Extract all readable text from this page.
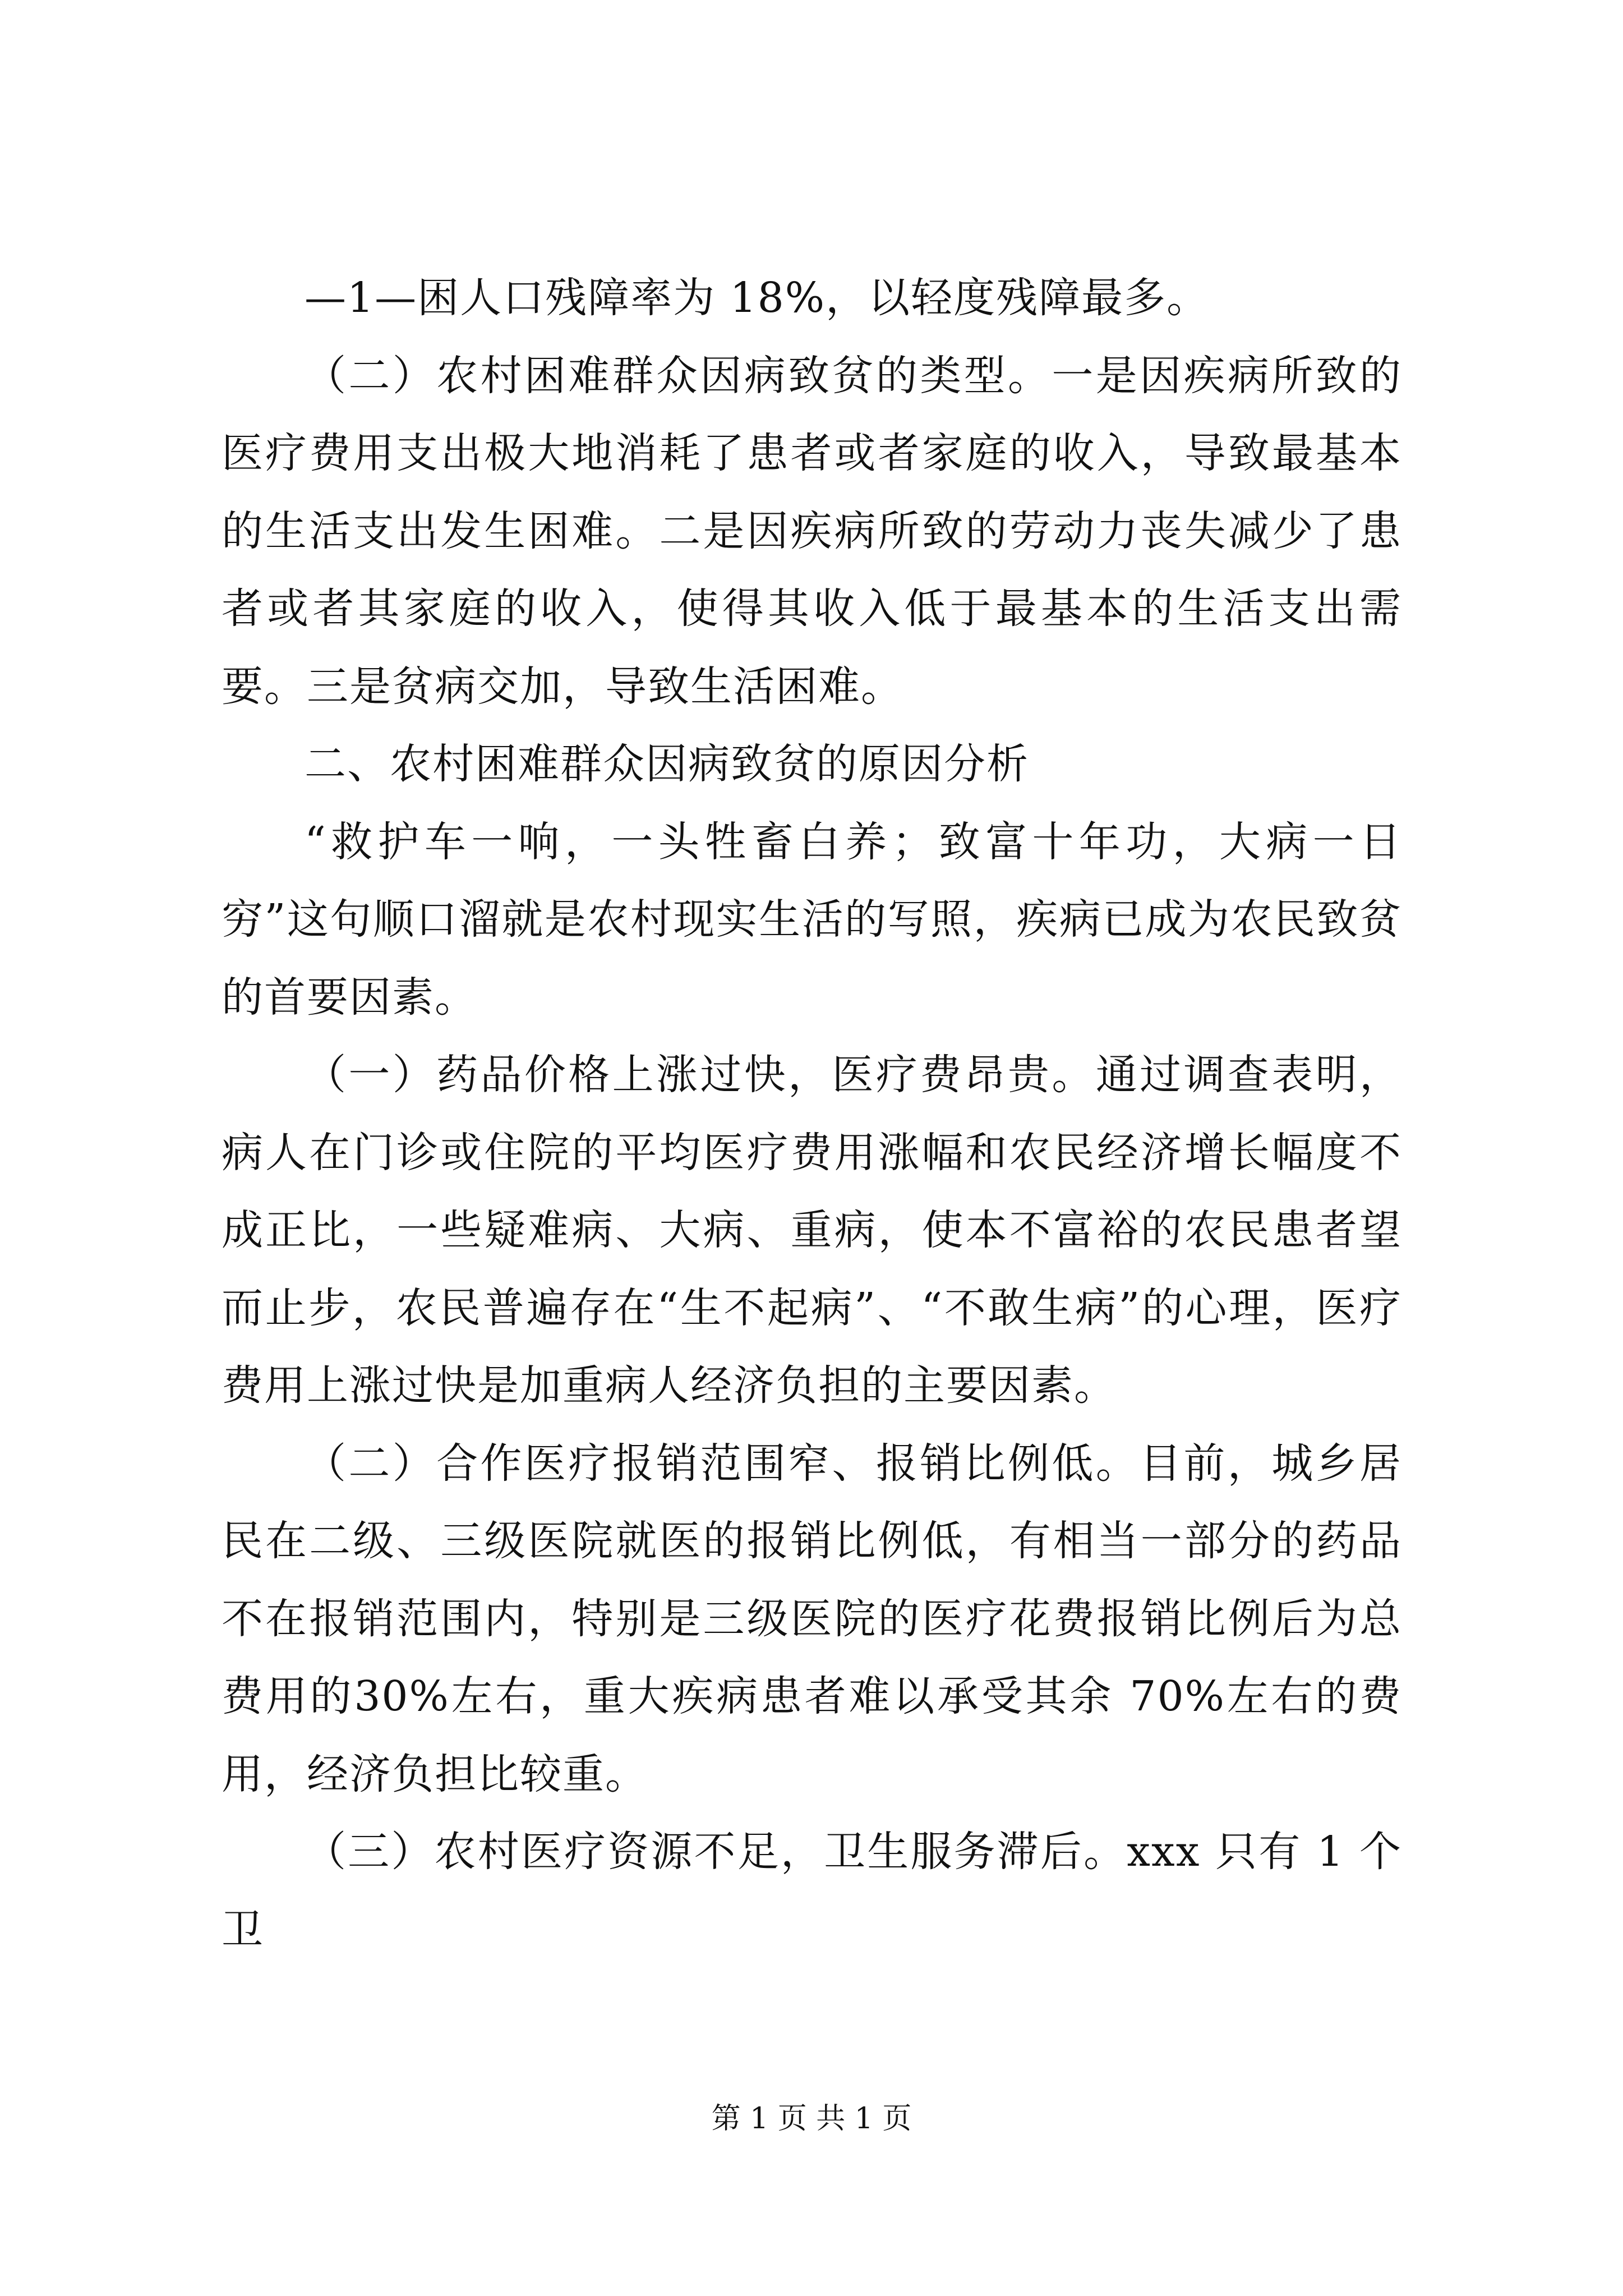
—1—困人口残障率为 18%，以轻度残障最多。

（二）农村困难群众因病致贫的类型。一是因疾病所致的医疗费用支出极大地消耗了患者或者家庭的收入，导致最基本的生活支出发生困难。二是因疾病所致的劳动力丧失减少了患者或者其家庭的收入，使得其收入低于最基本的生活支出需要。三是贫病交加，导致生活困难。

二、农村困难群众因病致贫的原因分析

“救护车一响，一头牲畜白养；致富十年功，大病一日穷”这句顺口溜就是农村现实生活的写照，疾病已成为农民致贫的首要因素。

（一）药品价格上涨过快，医疗费昂贵。通过调查表明，病人在门诊或住院的平均医疗费用涨幅和农民经济增长幅度不成正比，一些疑难病、大病、重病，使本不富裕的农民患者望而止步，农民普遍存在“生不起病”、“不敢生病”的心理，医疗费用上涨过快是加重病人经济负担的主要因素。

（二）合作医疗报销范围窄、报销比例低。目前，城乡居民在二级、三级医院就医的报销比例低，有相当一部分的药品不在报销范围内，特别是三级医院的医疗花费报销比例后为总费用的30%左右，重大疾病患者难以承受其余 70%左右的费用，经济负担比较重。

（三）农村医疗资源不足，卫生服务滞后。xxx 只有 1 个卫

第 1 页 共 1 页
